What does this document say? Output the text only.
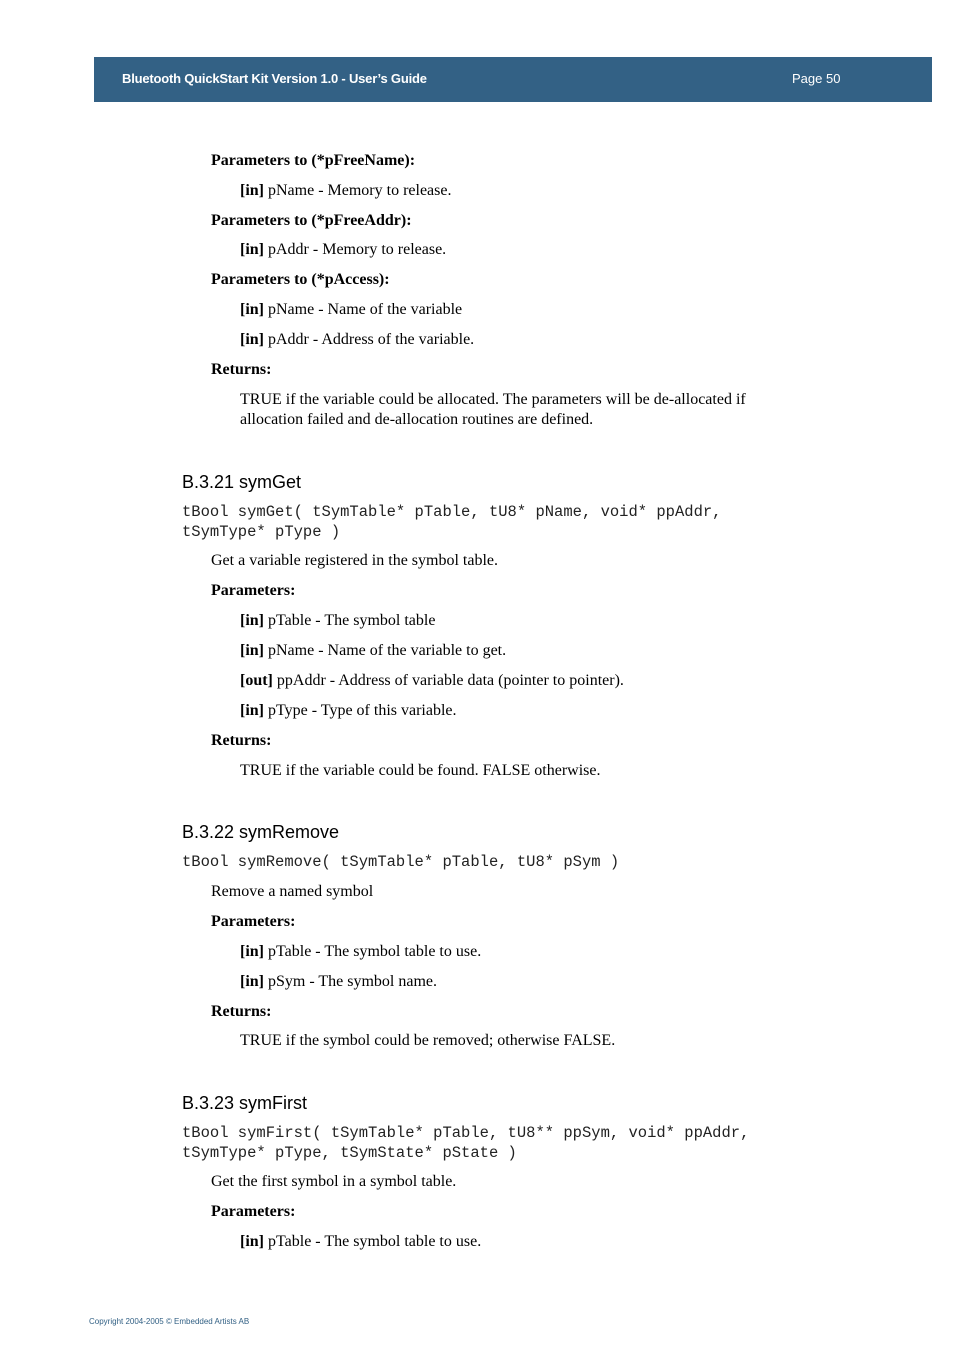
Bluetooth QuickStart Kit Version 1.0 - User’s Guide	Page 50
Parameters to (*pFreeName):
[in] pName - Memory to release.
Parameters to (*pFreeAddr):
[in] pAddr - Memory to release.
Parameters to (*pAccess):
[in] pName - Name of the variable
[in] pAddr - Address of the variable.
Returns:
TRUE if the variable could be allocated. The parameters will be de-allocated if
allocation failed and de-allocation routines are defined.
B.3.21 symGet
tBool symGet( tSymTable* pTable, tU8* pName, void* ppAddr,
tSymType* pType )
Get a variable registered in the symbol table.
Parameters:
[in] pTable - The symbol table
[in] pName - Name of the variable to get.
[out] ppAddr - Address of variable data (pointer to pointer).
[in] pType - Type of this variable.
Returns:
TRUE if the variable could be found. FALSE otherwise.
B.3.22 symRemove
tBool symRemove( tSymTable* pTable, tU8* pSym )
Remove a named symbol
Parameters:
[in] pTable - The symbol table to use.
[in] pSym - The symbol name.
Returns:
TRUE if the symbol could be removed; otherwise FALSE.
B.3.23 symFirst
tBool symFirst( tSymTable* pTable, tU8** ppSym, void* ppAddr,
tSymType* pType, tSymState* pState )
Get the first symbol in a symbol table.
Parameters:
[in] pTable - The symbol table to use.
Copyright 2004-2005 © Embedded Artists AB
